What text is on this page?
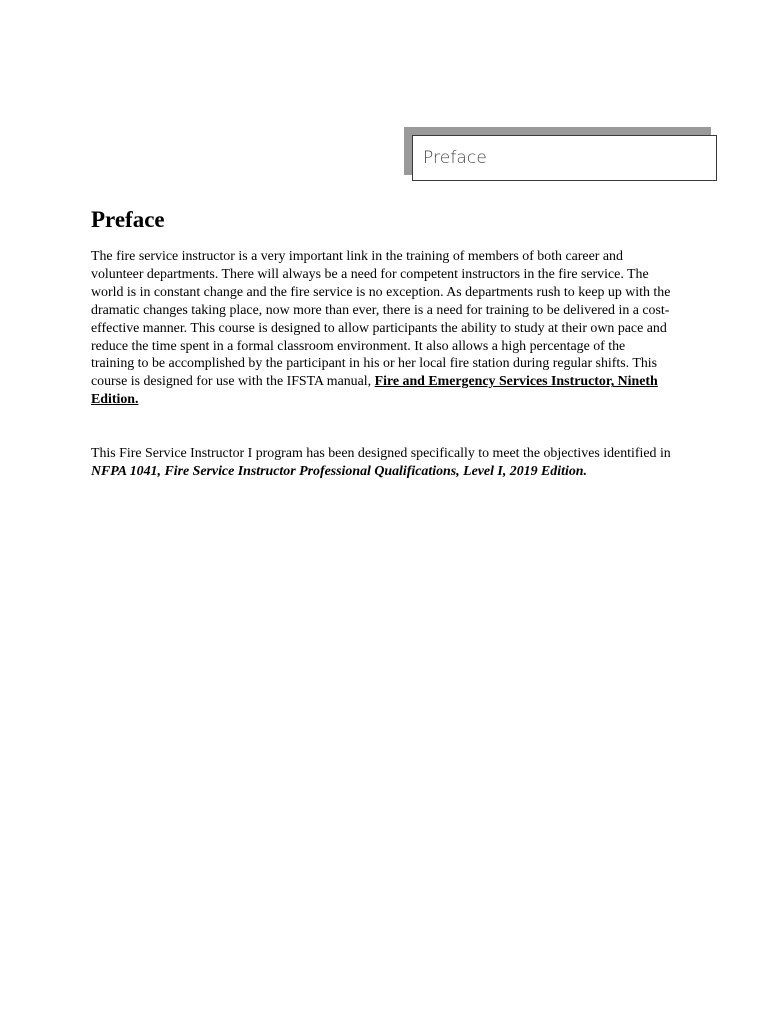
Preface
Preface

The fire service instructor is a very important link in the training of members of both career and volunteer departments. There will always be a need for competent instructors in the fire service. The world is in constant change and the fire service is no exception. As departments rush to keep up with the dramatic changes taking place, now more than ever, there is a need for training to be delivered in a cost-effective manner. This course is designed to allow participants the ability to study at their own pace and reduce the time spent in a formal classroom environment. It also allows a high percentage of the training to be accomplished by the participant in his or her local fire station during regular shifts. This course is designed for use with the IFSTA manual, Fire and Emergency Services Instructor, Nineth Edition.

This Fire Service Instructor I program has been designed specifically to meet the objectives identified in NFPA 1041, Fire Service Instructor Professional Qualifications, Level I, 2019 Edition.
